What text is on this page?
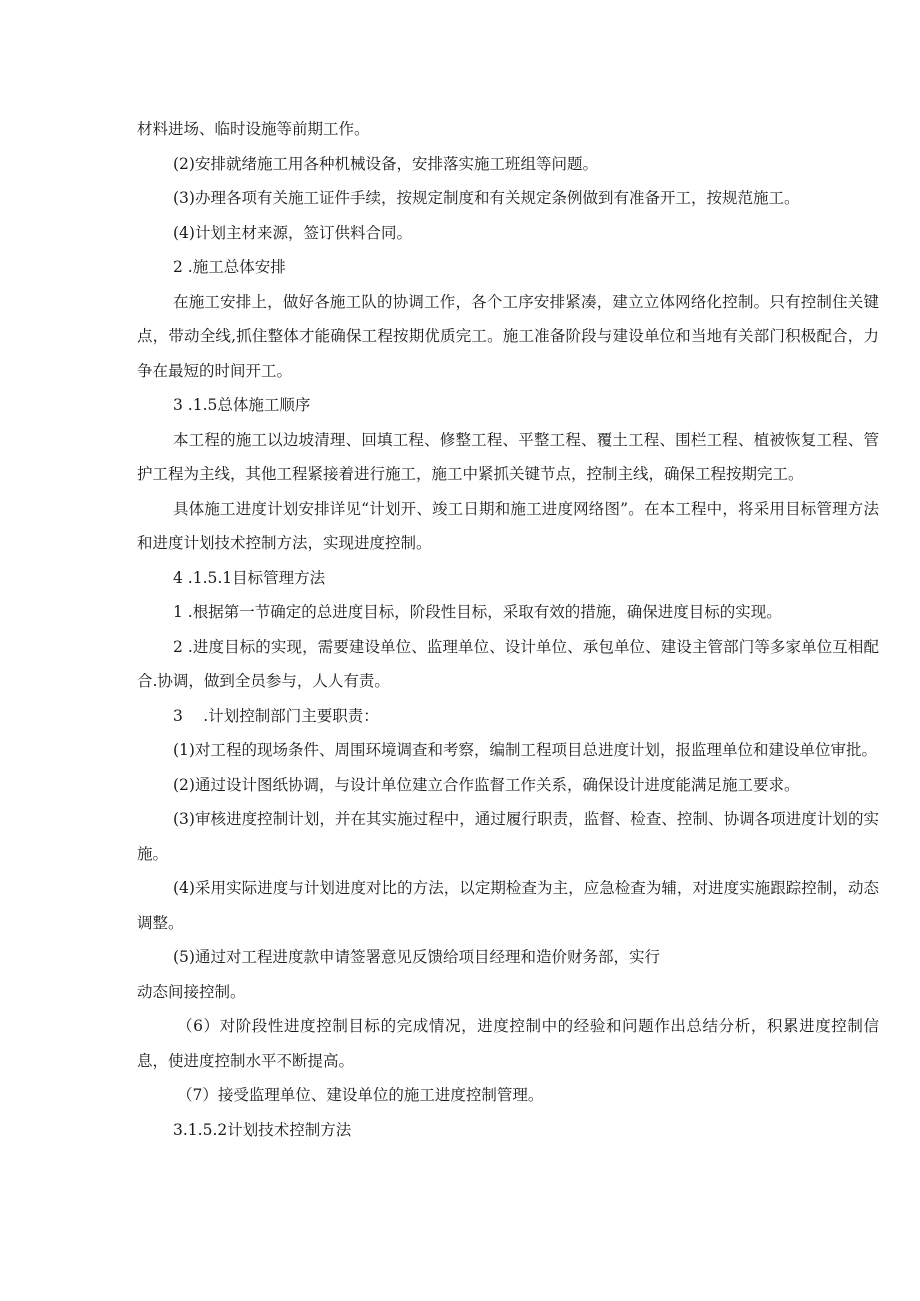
材料进场、临时设施等前期工作。

(2)安排就绪施工用各种机械设备，安排落实施工班组等问题。

(3)办理各项有关施工证件手续，按规定制度和有关规定条例做到有准备开工，按规范施工。

(4)计划主材来源，签订供料合同。

2 .施工总体安排

在施工安排上，做好各施工队的协调工作，各个工序安排紧凑，建立立体网络化控制。只有控制住关键点，带动全线,抓住整体才能确保工程按期优质完工。施工准备阶段与建设单位和当地有关部门积极配合，力争在最短的时间开工。

3 .1.5总体施工顺序

本工程的施工以边坡清理、回填工程、修整工程、平整工程、覆土工程、围栏工程、植被恢复工程、管护工程为主线，其他工程紧接着进行施工，施工中紧抓关键节点，控制主线，确保工程按期完工。

具体施工进度计划安排详见“计划开、竣工日期和施工进度网络图”。在本工程中，将采用目标管理方法和进度计划技术控制方法，实现进度控制。

4 .1.5.1目标管理方法

1 .根据第一节确定的总进度目标，阶段性目标，采取有效的措施，确保进度目标的实现。

2 .进度目标的实现，需要建设单位、监理单位、设计单位、承包单位、建设主管部门等多家单位互相配合.协调，做到全员参与，人人有责。

3　 .计划控制部门主要职责：

(1)对工程的现场条件、周围环境调查和考察，编制工程项目总进度计划，报监理单位和建设单位审批。

(2)通过设计图纸协调，与设计单位建立合作监督工作关系，确保设计进度能满足施工要求。

(3)审核进度控制计划，并在其实施过程中，通过履行职责，监督、检查、控制、协调各项进度计划的实施。

(4)采用实际进度与计划进度对比的方法，以定期检查为主，应急检查为辅，对进度实施跟踪控制，动态调整。

(5)通过对工程进度款申请签署意见反馈给项目经理和造价财务部，实行

动态间接控制。

（6）对阶段性进度控制目标的完成情况，进度控制中的经验和问题作出总结分析，积累进度控制信息，使进度控制水平不断提高。

（7）接受监理单位、建设单位的施工进度控制管理。

3.1.5.2计划技术控制方法
